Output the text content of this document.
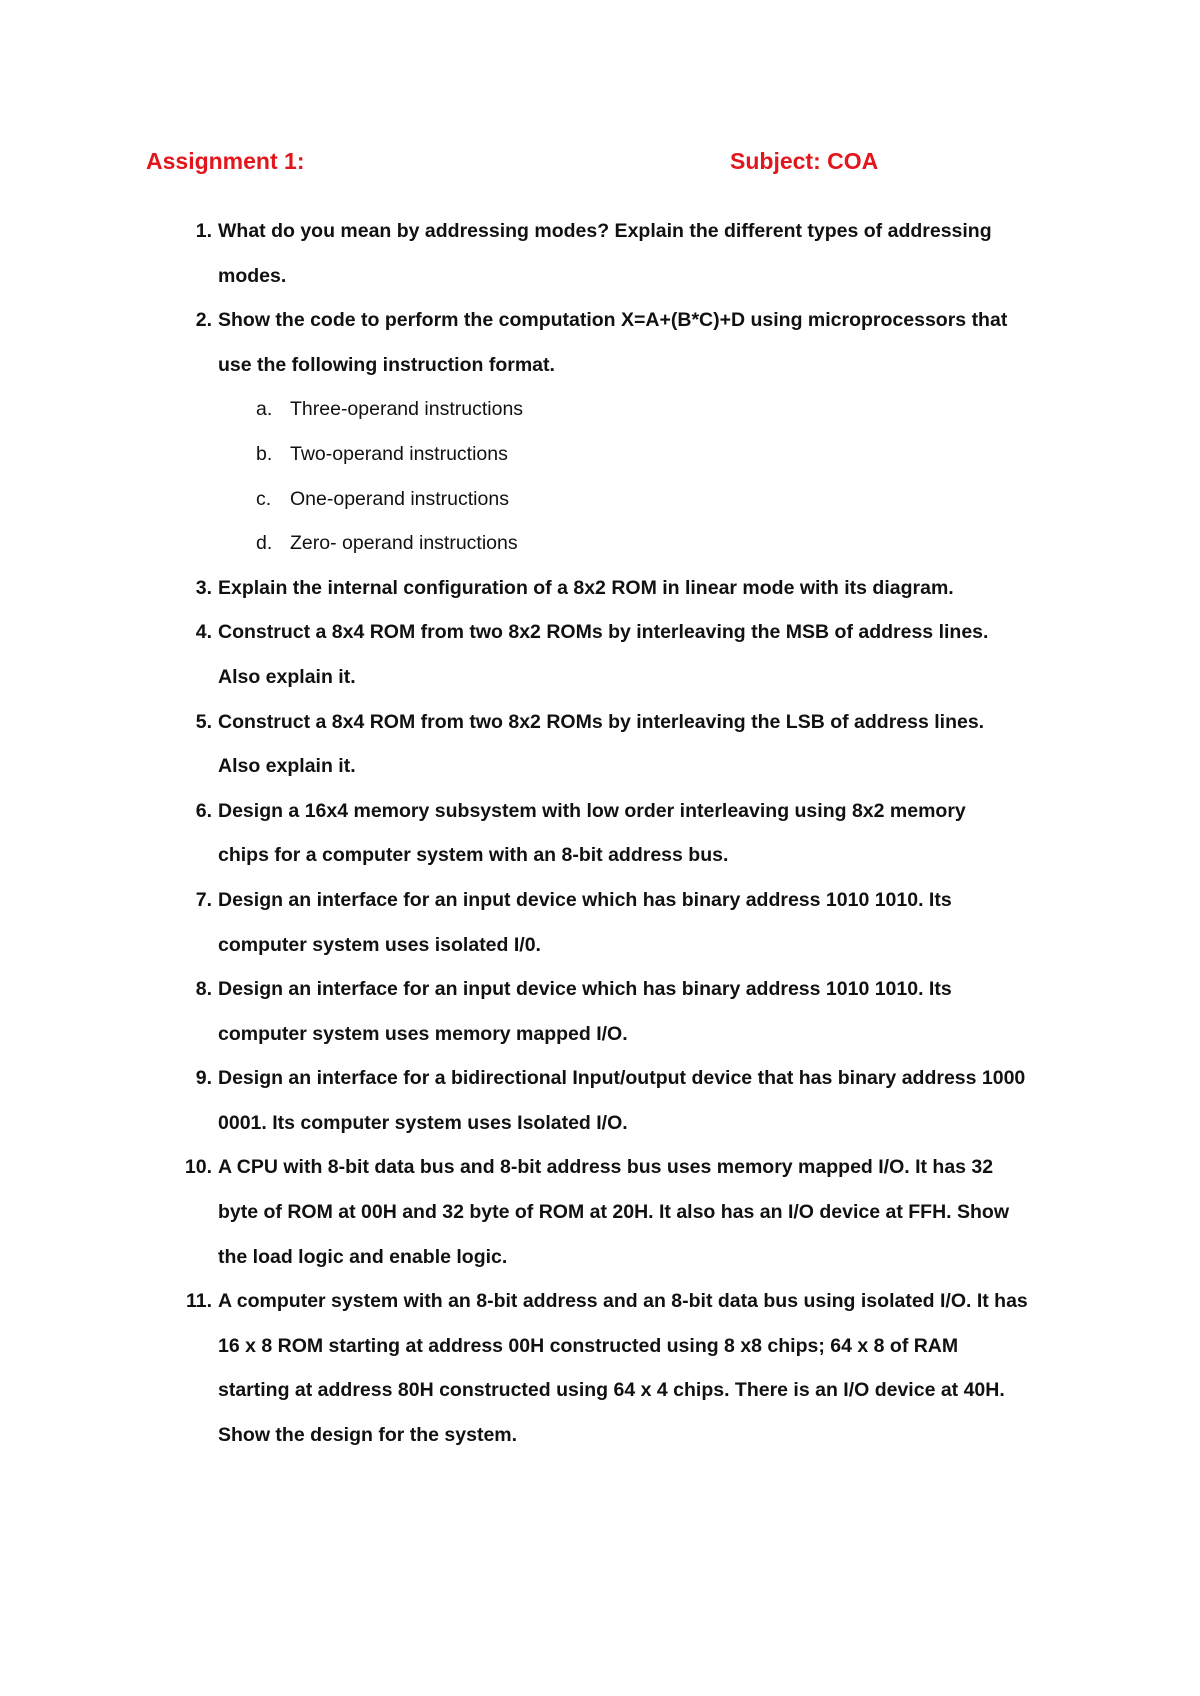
Assignment 1:	Subject: COA
1. What do you mean by addressing modes? Explain the different types of addressing modes.
2. Show the code to perform the computation X=A+(B*C)+D using microprocessors that use the following instruction format.
a. Three-operand instructions
b. Two-operand instructions
c. One-operand instructions
d. Zero- operand instructions
3. Explain the internal configuration of a 8x2 ROM in linear mode with its diagram.
4. Construct a 8x4 ROM from two 8x2 ROMs by interleaving the MSB of address lines. Also explain it.
5. Construct a 8x4 ROM from two 8x2 ROMs by interleaving the LSB of address lines. Also explain it.
6. Design a 16x4 memory subsystem with low order interleaving using 8x2 memory chips for a computer system with an 8-bit address bus.
7. Design an interface for an input device which has binary address 1010 1010. Its computer system uses isolated I/0.
8. Design an interface for an input device which has binary address 1010 1010. Its computer system uses memory mapped I/O.
9. Design an interface for a bidirectional Input/output device that has binary address 1000 0001. Its computer system uses Isolated I/O.
10. A CPU with 8-bit data bus and 8-bit address bus uses memory mapped I/O. It has 32 byte of ROM at 00H and 32 byte of ROM at 20H. It also has an I/O device at FFH. Show the load logic and enable logic.
11. A computer system with an 8-bit address and an 8-bit data bus using isolated I/O. It has 16 x 8 ROM starting at address 00H constructed using 8 x8 chips; 64 x 8 of RAM starting at address 80H constructed using 64 x 4 chips. There is an I/O device at 40H. Show the design for the system.
